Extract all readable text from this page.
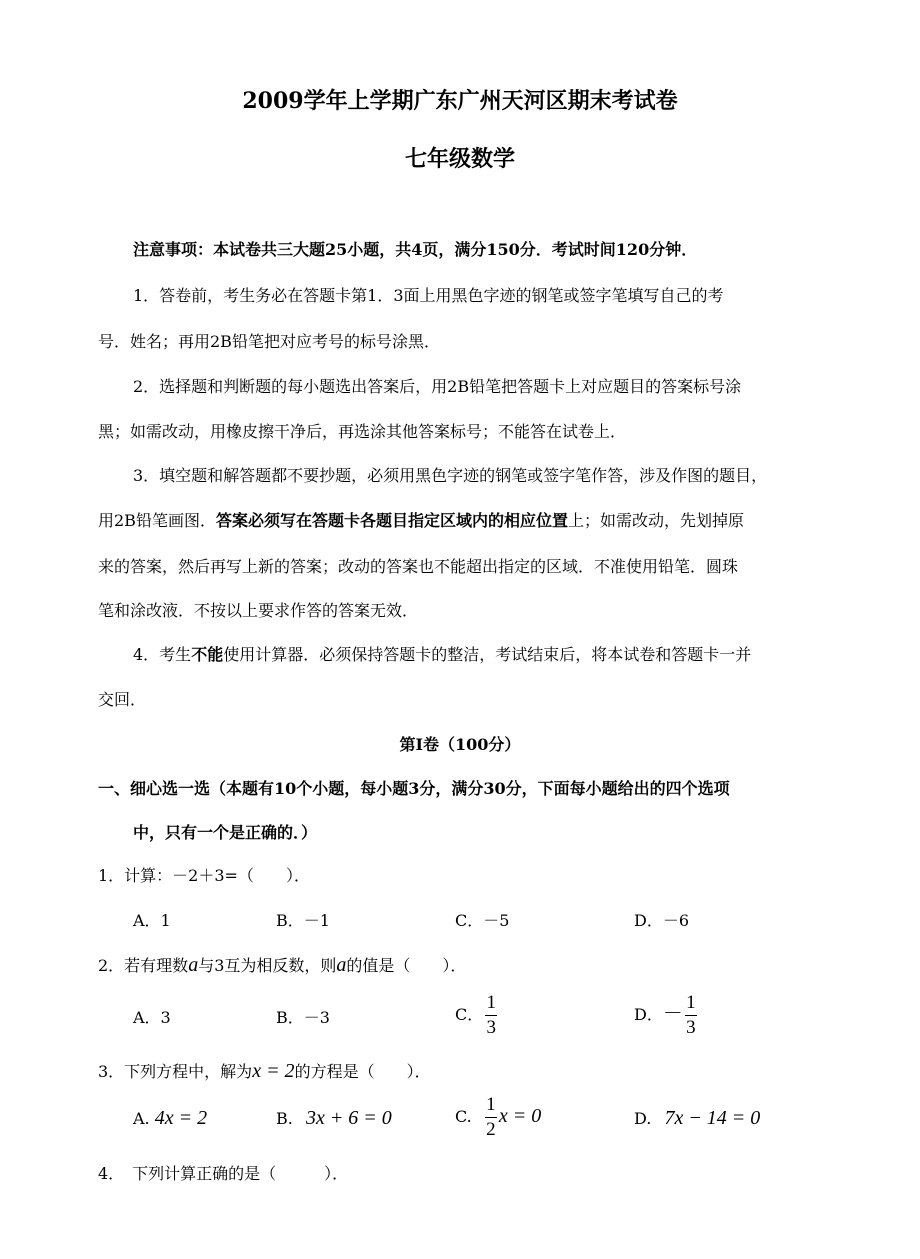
2009学年上学期广东广州天河区期末考试卷
七年级数学
注意事项：本试卷共三大题25小题，共4页，满分150分．考试时间120分钟．
1．答卷前，考生务必在答题卡第1．3面上用黑色字迹的钢笔或签字笔填写自己的考
号．姓名；再用2B铅笔把对应考号的标号涂黑．
2．选择题和判断题的每小题选出答案后，用2B铅笔把答题卡上对应题目的答案标号涂
黑；如需改动，用橡皮擦干净后，再选涂其他答案标号；不能答在试卷上．
3．填空题和解答题都不要抄题，必须用黑色字迹的钢笔或签字笔作答，涉及作图的题目，
用2B铅笔画图．答案必须写在答题卡各题目指定区域内的相应位置上；如需改动，先划掉原
来的答案，然后再写上新的答案；改动的答案也不能超出指定的区域．不准使用铅笔．圆珠
笔和涂改液．不按以上要求作答的答案无效．
4．考生不能使用计算器．必须保持答题卡的整洁，考试结束后，将本试卷和答题卡一并
交回．
第Ⅰ卷（100分）
一、细心选一选（本题有10个小题，每小题3分，满分30分，下面每小题给出的四个选项
中，只有一个是正确的．）
1．计算：－2＋3=（　　）．
A．1	B．－1	C．－5	D．－6
2．若有理数a与3互为相反数，则a的值是（　　）．
A．3	B．－3	C． $\frac{1}{3}$	D．－ $\frac{1}{3}$
3．下列方程中，解为x = 2的方程是（　　）．
A. 4x = 2	B. 3x + 6 = 0	C. $\frac{1}{2}$ x = 0	D. 7x − 14 = 0
4．　下列计算正确的是（　　　）．
